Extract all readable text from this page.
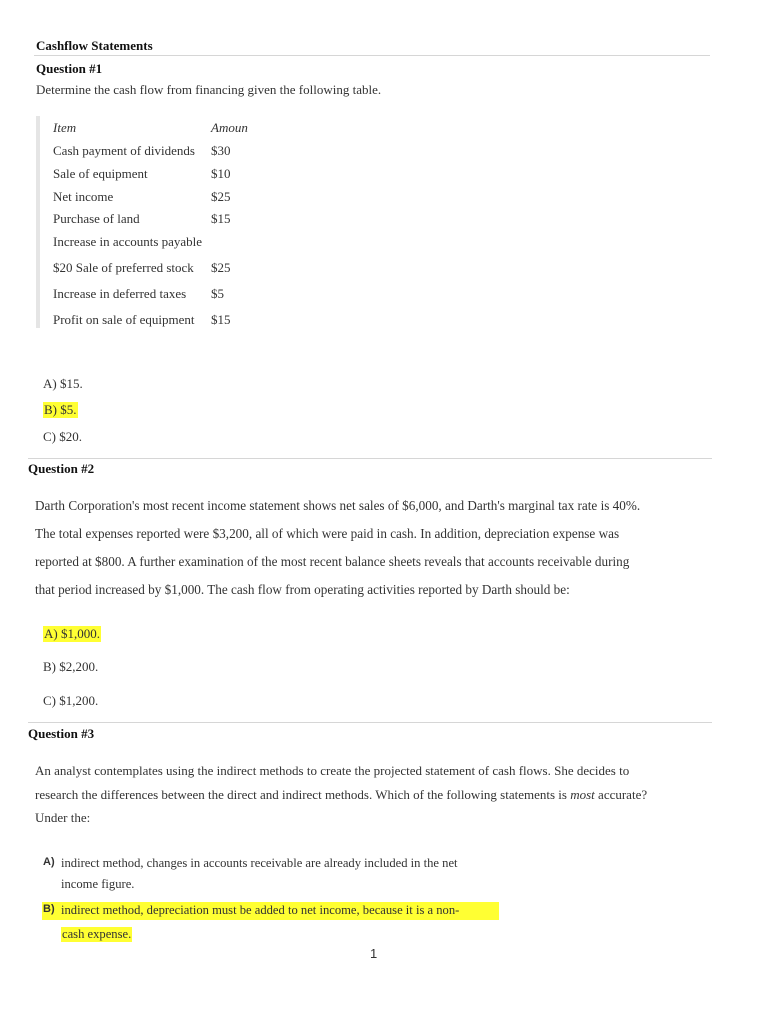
Cashflow Statements
Question #1
Determine the cash flow from financing given the following table.
Item	Amoun
Cash payment of dividends $30
Sale of equipment	$10
Net income	$25
Purchase of land	$15
Increase in accounts payable
$20 Sale of preferred stock $25
Increase in deferred taxes $5
Profit on sale of equipment $15
A) $15.
B) $5.
C) $20.
Question #2
Darth Corporation's most recent income statement shows net sales of $6,000, and Darth's marginal tax rate is 40%.
The total expenses reported were $3,200, all of which were paid in cash. In addition, depreciation expense was
reported at $800. A further examination of the most recent balance sheets reveals that accounts receivable during
that period increased by $1,000. The cash flow from operating activities reported by Darth should be:
A) $1,000.
B) $2,200.
C) $1,200.
Question #3
An analyst contemplates using the indirect methods to create the projected statement of cash flows. She decides to
research the differences between the direct and indirect methods. Which of the following statements is most accurate?
Under the:
A) indirect method, changes in accounts receivable are already included in the net
income figure.
B) indirect method, depreciation must be added to net income, because it is a non-
cash expense.
1
